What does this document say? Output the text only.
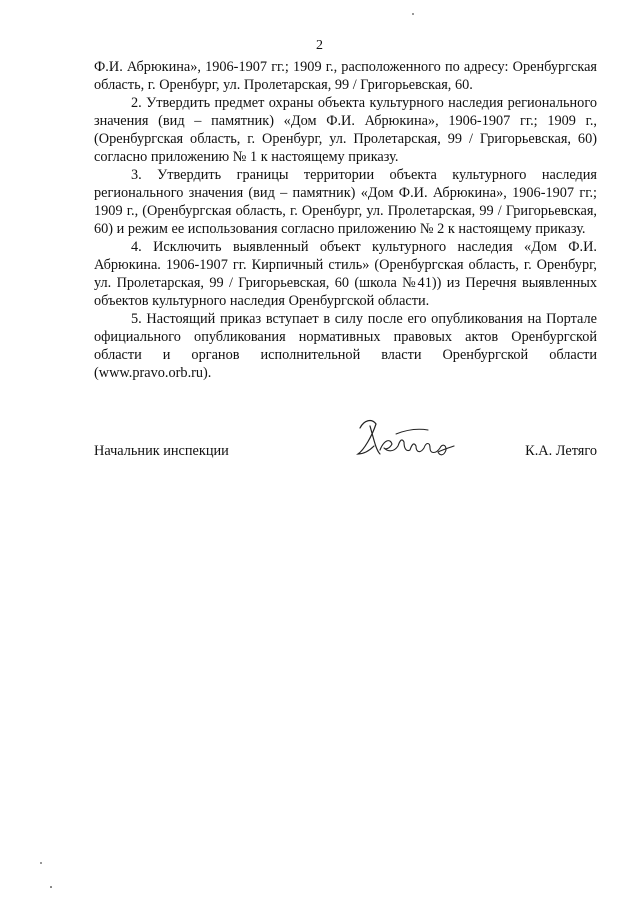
2

Ф.И. Абрюкина», 1906-1907 гг.; 1909 г., расположенного по адресу: Оренбургская область, г. Оренбург, ул. Пролетарская, 99 / Григорьевская, 60.

2. Утвердить предмет охраны объекта культурного наследия регионального значения (вид – памятник) «Дом Ф.И. Абрюкина», 1906-1907 гг.; 1909 г., (Оренбургская область, г. Оренбург, ул. Пролетарская, 99 / Григорьевская, 60) согласно приложению № 1 к настоящему приказу.

3. Утвердить границы территории объекта культурного наследия регионального значения (вид – памятник) «Дом Ф.И. Абрюкина», 1906-1907 гг.; 1909 г., (Оренбургская область, г. Оренбург, ул. Пролетарская, 99 / Григорьевская, 60) и режим ее использования согласно приложению № 2 к настоящему приказу.

4. Исключить выявленный объект культурного наследия «Дом Ф.И. Абрюкина. 1906-1907 гг. Кирпичный стиль» (Оренбургская область, г. Оренбург, ул. Пролетарская, 99 / Григорьевская, 60 (школа №41)) из Перечня выявленных объектов культурного наследия Оренбургской области.

5. Настоящий приказ вступает в силу после его опубликования на Портале официального опубликования нормативных правовых актов Оренбургской области и органов исполнительной власти Оренбургской области (www.pravo.orb.ru).

Начальник инспекции	К.А. Летяго
